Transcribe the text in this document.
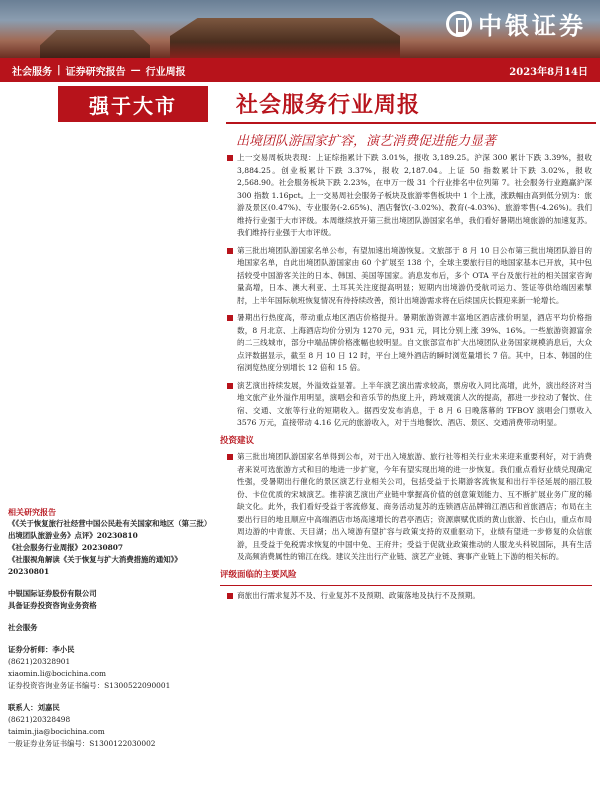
中银证券
社会服务 | 证券研究报告 — 行业周报	2023年8月14日
强于大市	社会服务行业周报
出境团队游国家扩容，演艺消费促进能力显著
上一交易周板块表现：上证综指累计下跌 3.01%，报收 3,189.25。沪深 300 累计下跌 3.39%，报收 3,884.25。创业板累计下跌 3.37%，报收 2,187.04。上证 50 指数累计下跌 3.02%，报收 2,568.90。社会服务板块下跌 2.23%，在申万一级 31 个行业排名中位列第 7。社会服务行业跑赢沪深 300 指数 1.16pct。上一交易周社会服务子板块及旅游零售板块中 1 个上涨，涨跌幅由高到低分别为：旅游及景区(0.47%)、专业服务(-2.65%)、酒店餐饮(-3.02%)、教育(-4.03%)、旅游零售(-4.26%)。我们维持行业强于大市评级。本周继续放开第三批出境团队游国家名单，我们看好暑期出境旅游的加速复苏。我们维持行业强于大市评级。
第三批出境团队游国家名单公布，有望加速出境游恢复。文旅部于 8 月 10 日公布第三批出境团队游目的地国家名单，自此出境团队游国家由 60 个扩展至 138 个，全球主要旅行目的地国家基本已开放，其中包括较受中国游客关注的日本、韩国、美国等国家。消息发布后，多个 OTA 平台及旅行社的相关国家咨询量高增，日本、澳大利亚、土耳其关注度提高明显；短期内出境游仍受航司运力、签证等供给端因素掣肘，上半年国际航班恢复情况有待持续改善，预计出境游需求将在后续国庆长假迎来新一轮增长。
暑期出行热度高，带动重点地区酒店价格提升。暑期旅游资源丰富地区酒店涨价明显，酒店平均价格指数，8 月北京、上海酒店均价分别为 1270 元，931 元，同比分别上涨 39%、16%。一些旅游资源富余的二三线城市，部分中端品牌价格涨幅也较明显。自文旅部宣布扩大出境团队业务国家规模消息后，大众点评数据显示，截至 8 月 10 日 12 时，平台上境外酒店的瞬时浏览量增长 7 倍。其中，日本、韩国的住宿浏览热度分别增长 12 倍和 15 倍。
演艺演出持续发展，外溢效益显著。上半年演艺演出需求较高，票房收入同比高增，此外，演出经济对当地文旅产业外溢作用明显，演唱会和音乐节的热度上升，跨域观演人次的提高，都进一步拉动了餐饮、住宿、交通、文旅等行业的短期收入。据西安发布消息，于 8 月 6 日晚落幕的 TFBOY 演唱会门票收入 3576 万元，直接带动 4.16 亿元的旅游收入，对于当地餐饮、酒店、景区、交通消费带动明显。
投资建议
第三批出境团队游国家名单得到公布，对于出入境旅游、旅行社等相关行业未来迎来重要利好，对于消费者来说可选旅游方式和目的地进一步扩宽，今年有望实现出境的进一步恢复。我们重点看好业绩兑现确定性强，受暑期出行催化的景区演艺行业相关公司，包括受益于长期游客流恢复和出行半径延展的丽江股份、卡位优质的宋城演艺。推荐演艺演出产业链中掌握高价值的创意策划能力、互不断扩展业务广度的稀缺文化。此外，我们看好受益于客流修复、商务活动复苏的连锁酒店品牌锦江酒店和首旅酒店；布局在主要出行目的地且顺应中高端酒店市场高速增长的君亭酒店；资源禀赋优质的黄山旅游、长白山，重点布局周边游的中青旅、天目湖；出入境游有望扩容与政策支持的双重驱动下，业绩有望进一步修复的众信旅游，且受益于免税需求恢复的中国中免、王府井；受益于促就业政策推动的人服龙头科锐国际，具有生活及高频消费属性的锦江在线。建议关注出行产业链、演艺产业链、赛事产业链上下游的相关标的。
评级面临的主要风险
商旅出行需求复苏不及、行业复苏不及预期、政策落地及执行不及预期。

相关研究报告

《《关于恢复旅行社经营中国公民赴有关国家和地区（第三批）出境团队旅游业务》点评》20230810

《社会服务行业周报》20230807

《社服视角解读《关于恢复与扩大消费措施的通知》》20230801

中银国际证券股份有限公司

具备证券投资咨询业务资格

社会服务

证券分析师：李小民

(8621)20328901

xiaomin.li@bocichina.com

证券投资咨询业务证书编号：S1300522090001

联系人：刘嘉民

(8621)20328498

taimin.jia@bocichina.com

一般证券业务证书编号：S1300122030002
